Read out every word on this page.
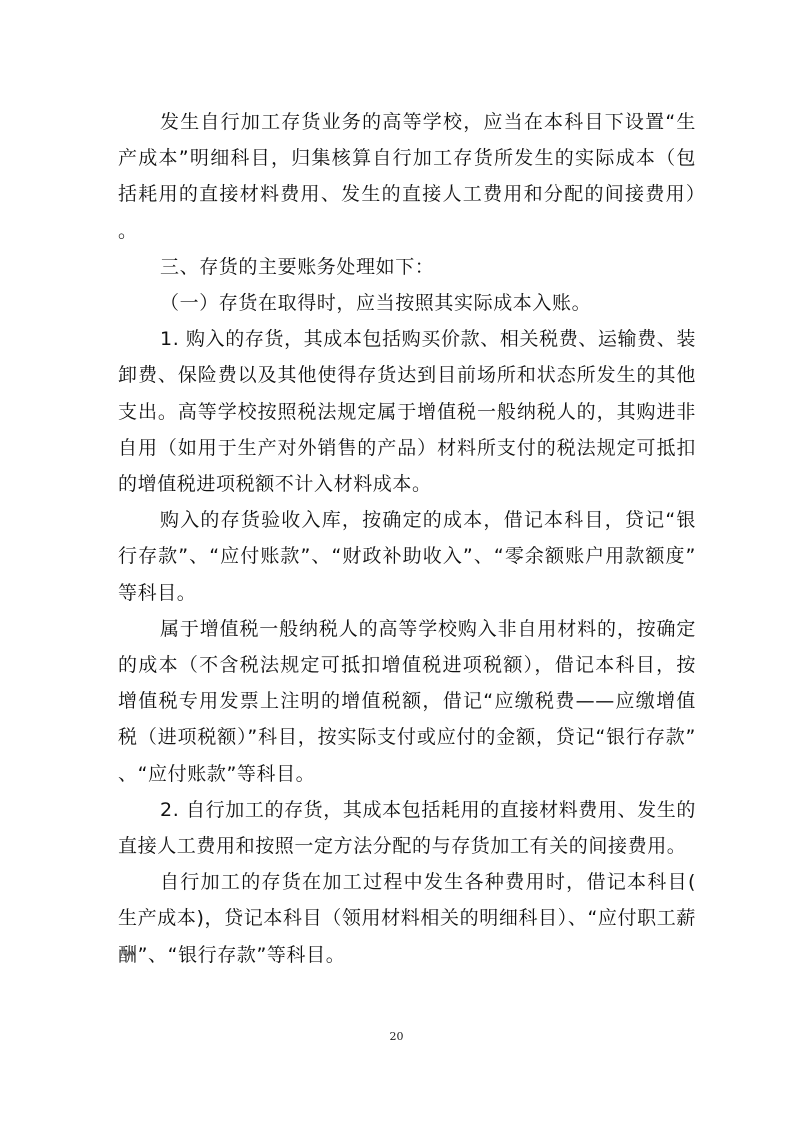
发生自行加工存货业务的高等学校，应当在本科目下设置“生产成本”明细科目，归集核算自行加工存货所发生的实际成本（包括耗用的直接材料费用、发生的直接人工费用和分配的间接费用）。

三、存货的主要账务处理如下：

（一）存货在取得时，应当按照其实际成本入账。

1. 购入的存货，其成本包括购买价款、相关税费、运输费、装卸费、保险费以及其他使得存货达到目前场所和状态所发生的其他支出。高等学校按照税法规定属于增值税一般纳税人的，其购进非自用（如用于生产对外销售的产品）材料所支付的税法规定可抵扣的增值税进项税额不计入材料成本。

购入的存货验收入库，按确定的成本，借记本科目，贷记“银行存款”、“应付账款”、“财政补助收入”、“零余额账户用款额度”等科目。

属于增值税一般纳税人的高等学校购入非自用材料的，按确定的成本（不含税法规定可抵扣增值税进项税额），借记本科目，按增值税专用发票上注明的增值税额，借记“应缴税费——应缴增值税（进项税额）”科目，按实际支付或应付的金额，贷记“银行存款”、“应付账款”等科目。

2. 自行加工的存货，其成本包括耗用的直接材料费用、发生的直接人工费用和按照一定方法分配的与存货加工有关的间接费用。

自行加工的存货在加工过程中发生各种费用时，借记本科目(生产成本)，贷记本科目（领用材料相关的明细科目）、“应付职工薪酬”、“银行存款”等科目。

20
